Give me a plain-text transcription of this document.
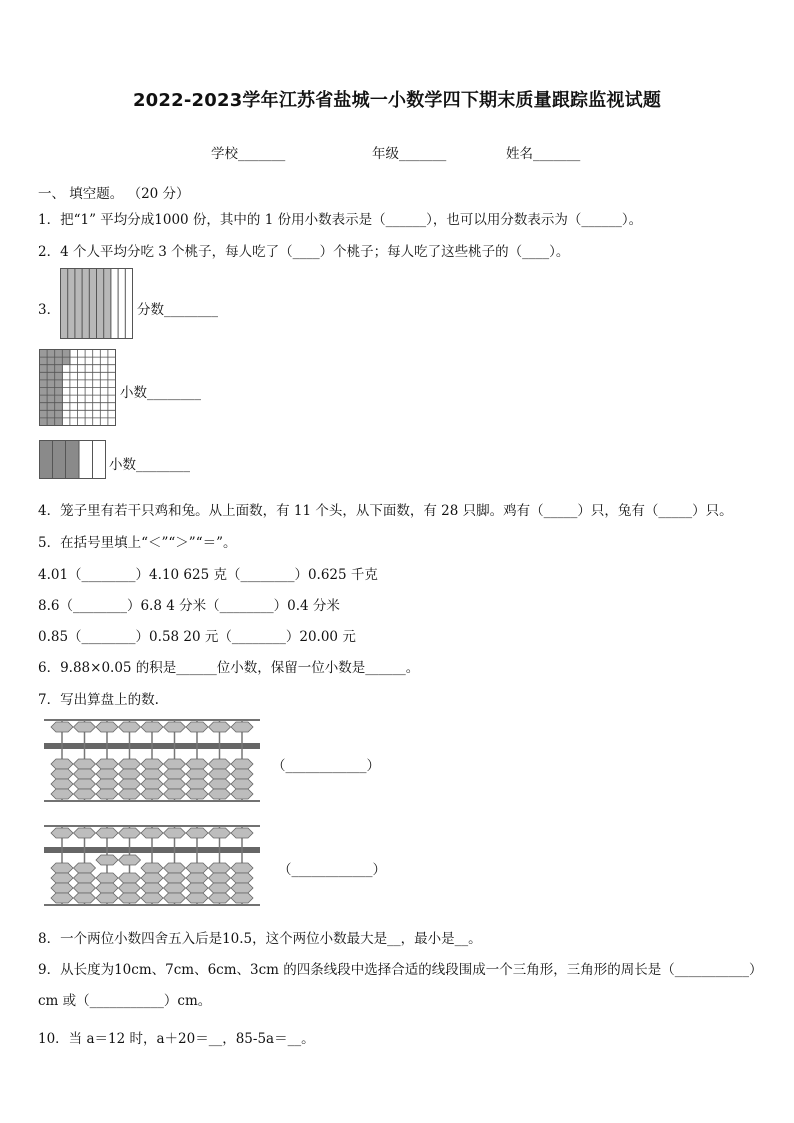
2022-2023学年江苏省盐城一小数学四下期末质量跟踪监视试题
学校_______	年级_______	姓名_______
一、 填空题。 （20 分）
1．把“1” 平均分成1000 份，其中的 1 份用小数表示是（______），也可以用分数表示为（______）。
2．4 个人平均分吃 3 个桃子，每人吃了（____）个桃子；每人吃了这些桃子的（____）。
3．	分数________
小数________
小数________
4．笼子里有若干只鸡和兔。从上面数，有 11 个头，从下面数，有 28 只脚。鸡有（_____）只，兔有（_____）只。
5．在括号里填上“＜”“＞”“＝”。
4.01（________）4.10 625 克（________）0.625 千克
8.6（________）6.8 4 分米（________）0.4 分米
0.85（________）0.58 20 元（________）20.00 元
6．9.88×0.05 的积是______位小数，保留一位小数是______。
7．写出算盘上的数.
（____________）
（____________）
8．一个两位小数四舍五入后是10.5，这个两位小数最大是__，最小是__。
9．从长度为10cm、7cm、6cm、3cm 的四条线段中选择合适的线段围成一个三角形，三角形的周长是（___________）
cm 或（___________）cm。
10．当 a＝12 时，a＋20＝__，85-5a＝__。
